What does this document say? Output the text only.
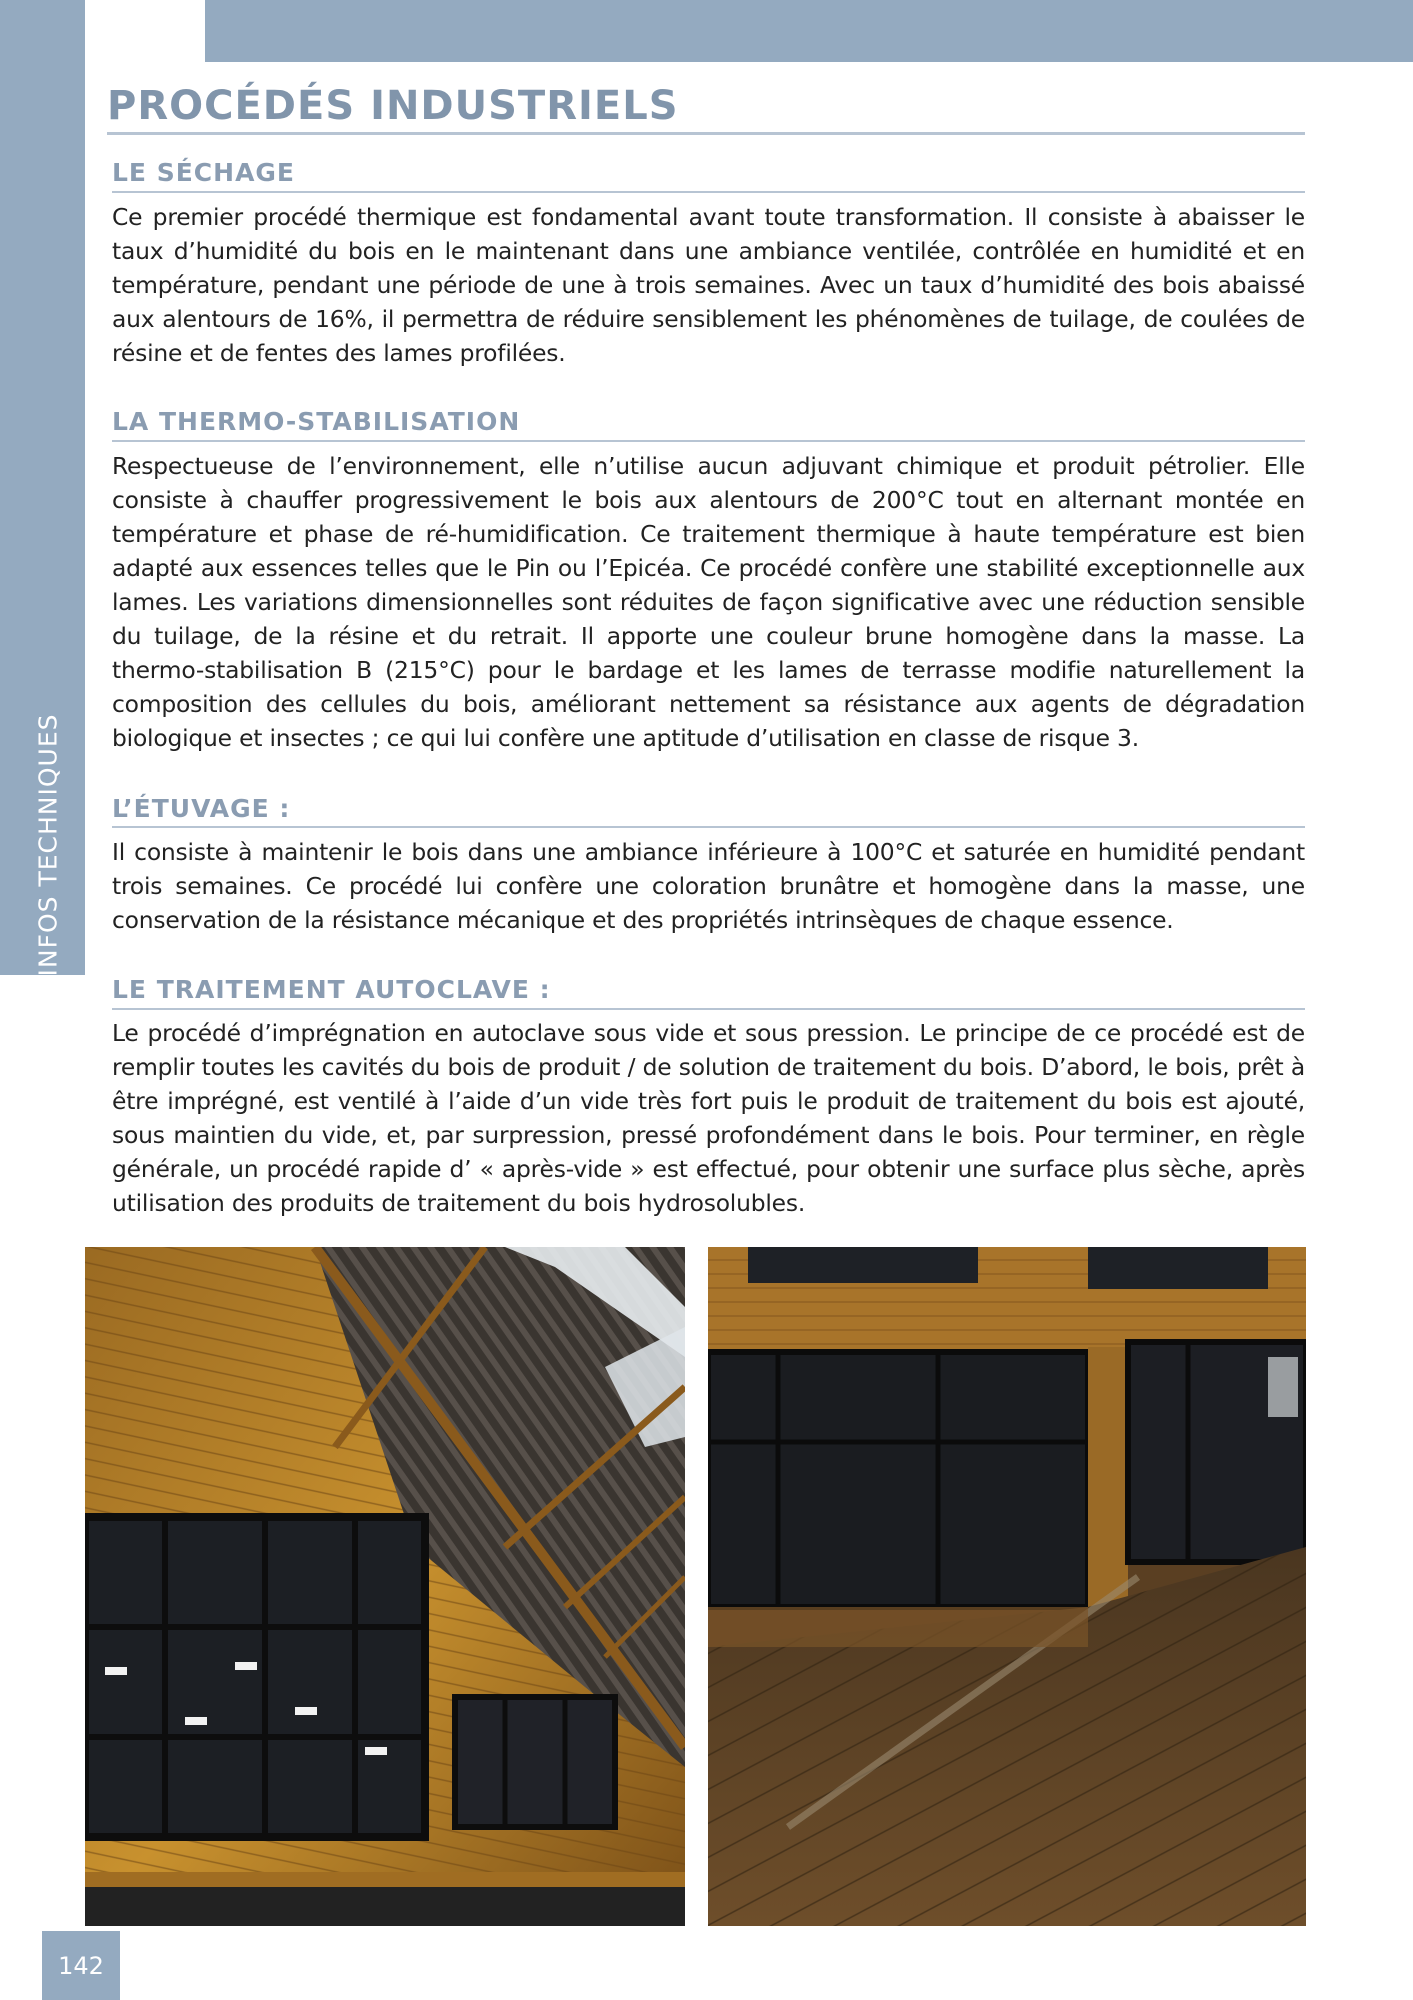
INFOS TECHNIQUES
PROCÉDÉS INDUSTRIELS
LE SÉCHAGE

Ce premier procédé thermique est fondamental avant toute transformation. Il consiste à abaisser le taux d’humidité du bois en le maintenant dans une ambiance ventilée, contrôlée en humidité et en température, pendant une période de une à trois semaines. Avec un taux d’humidité des bois abaissé aux alentours de 16%, il permettra de réduire sensiblement les phénomènes de tuilage, de coulées de résine et de fentes des lames profilées.

LA THERMO-STABILISATION

Respectueuse de l’environnement, elle n’utilise aucun adjuvant chimique et produit pétrolier. Elle consiste à chauffer progressivement le bois aux alentours de 200°C tout en alternant montée en température et phase de ré-humidification. Ce traitement thermique à haute température est bien adapté aux essences telles que le Pin ou l’Epicéa. Ce procédé confère une stabilité exceptionnelle aux lames. Les variations dimensionnelles sont réduites de façon significative avec une réduction sensible du tuilage, de la résine et du retrait. Il apporte une couleur brune homogène dans la masse. La thermo-stabilisation B (215°C) pour le bardage et les lames de terrasse modifie naturellement la composition des cellules du bois, améliorant nettement sa résistance aux agents de dégradation biologique et insectes ; ce qui lui confère une aptitude d’utilisation en classe de risque 3.

L’ÉTUVAGE :

Il consiste à maintenir le bois dans une ambiance inférieure à 100°C et saturée en humidité pendant trois semaines. Ce procédé lui confère une coloration brunâtre et homogène dans la masse, une conservation de la résistance mécanique et des propriétés intrinsèques de chaque essence.

LE TRAITEMENT AUTOCLAVE :

Le procédé d’imprégnation en autoclave sous vide et sous pression. Le principe de ce procédé est de remplir toutes les cavités du bois de produit / de solution de traitement du bois. D’abord, le bois, prêt à être imprégné, est ventilé à l’aide d’un vide très fort puis le produit de traitement du bois est ajouté, sous maintien du vide, et, par surpression, pressé profondément dans le bois. Pour terminer, en règle générale, un procédé rapide d’ « après-vide » est effectué, pour obtenir une surface plus sèche, après utilisation des produits de traitement du bois hydrosolubles.

142
